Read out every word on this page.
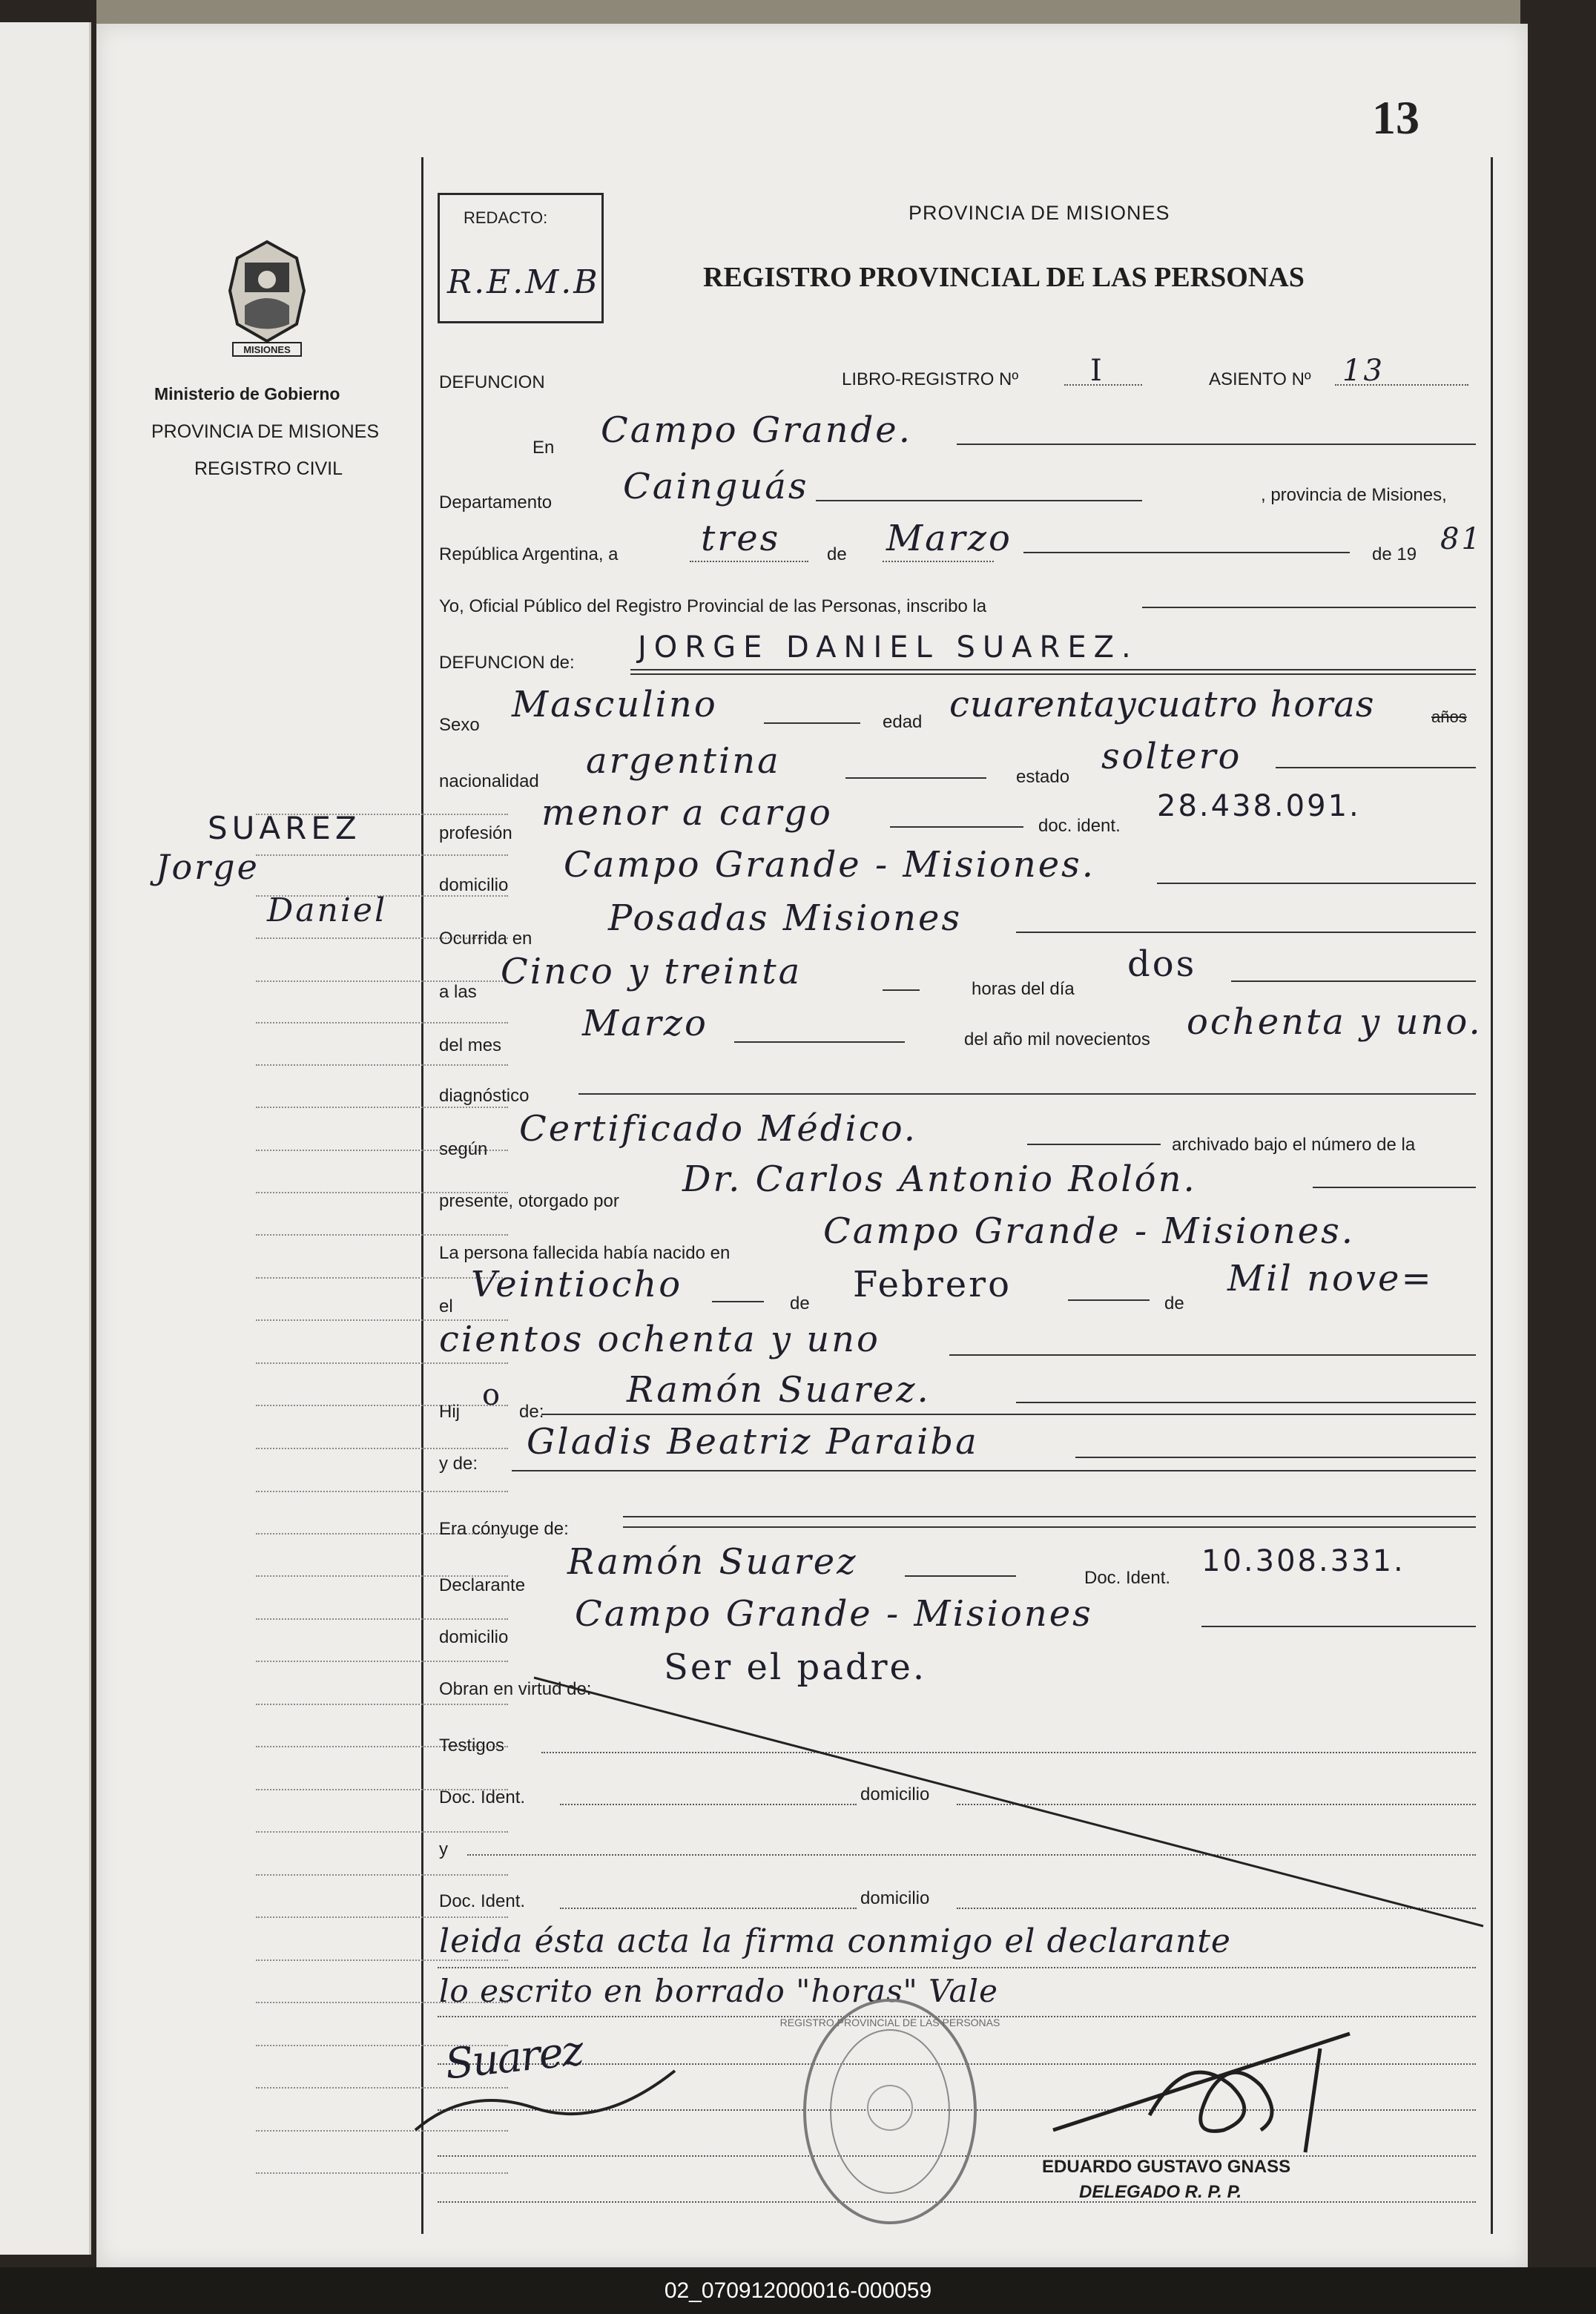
13
REDACTO:
R.E.M.B
PROVINCIA DE MISIONES
REGISTRO PROVINCIAL DE LAS PERSONAS
MISIONES
Ministerio de Gobierno
PROVINCIA DE MISIONES
REGISTRO CIVIL
SUAREZ
Jorge
Daniel
DEFUNCION	LIBRO-REGISTRO Nº I	ASIENTO Nº 13
En Campo Grande.
Departamento Cainguás	, provincia de Misiones,
República Argentina, a tres	de Marzo	de 19 81
Yo, Oficial Público del Registro Provincial de las Personas, inscribo la
DEFUNCION de: JORGE DANIEL SUAREZ.
Sexo Masculino	edad cuarentaycuatro horas	años
nacionalidad argentina	estado soltero
profesión menor a cargo	doc. ident.
28.438.091.
domicilio Campo Grande - Misiones.
Ocurrida en Posadas Misiones
a las Cinco y treinta	horas del día
dos
del mes
Marzo	del año mil novecientos ochenta y uno.
diagnóstico
según Certificado Médico.	archivado bajo el número de la
presente, otorgado por
Dr. Carlos Antonio Rolón.
La persona fallecida había nacido en
Campo Grande - Misiones.
el
Veintiocho	de Febrero	de
Mil nove=
cientos ochenta y uno
Hij o de:
Ramón Suarez.
y de:
Gladis Beatriz Paraiba
Era cónyuge de:
Declarante
Ramón Suarez	Doc. Ident. 10.308.331.
domicilio
Campo Grande - Misiones
Obran en virtud de:
Ser el padre.
Testigos
Doc. Ident.	domicilio
y
Doc. Ident.	domicilio
leida ésta acta la firma conmigo el declarante
lo escrito en borrado "horas" Vale
Suarez
REGISTRO PROVINCIAL DE LAS PERSONAS
EDUARDO GUSTAVO GNASS
DELEGADO R. P. P.
02_070912000016-000059
